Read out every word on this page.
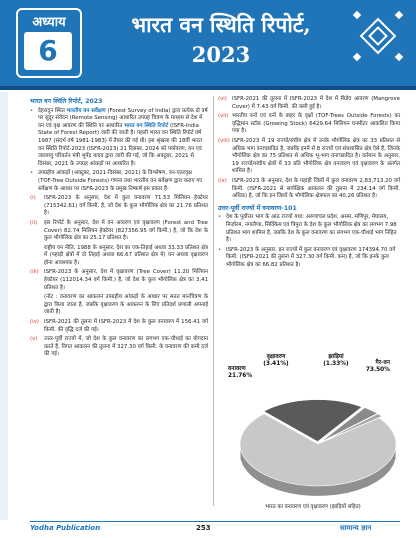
अध्याय
6
भारत वन स्थिति रिपोर्ट,
2023
भारत वन स्थिति रिपोर्ट, 2023
• देहरादून स्थित भारतीय वन सर्वेक्षण (Forest Survey of India) द्वारा प्रत्येक दो वर्ष पर सुदूर संवेदन (Remote Sensing) आधारित उपग्रह चित्रण के माध्यम से देश में वन एवं वृक्ष आवरण की स्थिति पर आधारित भारत वन स्थिति रिपोर्ट (ISFR-India State of Forest Report) जारी की जाती है। पहली भारत वन स्थिति रिपोर्ट वर्ष 1987 (संदर्भ वर्ष 1981-1983) में तैयार की गई थी। इस श्रृंखला की 18वीं भारत वन स्थिति रिपोर्ट-2023 (ISFR-2023) 21 दिसंबर, 2024 को पर्यावरण, वन एवं जलवायु परिवर्तन मंत्री भूपेंद्र यादव द्वारा जारी की गई, जो कि अक्टूबर, 2021 से दिसंबर, 2021 के उपग्रह आंकड़ों पर आधारित है।
• उपग्रहीय आंकड़ों (अक्टूबर, 2021-दिसंबर, 2021) के विश्लेषण, वन-एतरवृक्ष (TOF-Tree Outside Forests) गणना तथा भारतीय वन सर्वेक्षण द्वारा कराए गए सर्वेक्षण के आधार पर ISFR-2023 के प्रमुख निष्कर्ष इस प्रकार हैं-
(i) ISFR-2023 के अनुसार, देश में कुल वनावरण 71.53 मिलियन हेक्टेयर (715342.61) वर्ग किमी. है, जो देश के कुल भौगोलिक क्षेत्र का 21.76 प्रतिशत है।
(ii) इस रिपोर्ट के अनुसार, देश में वन आवरण एवं वृक्षावरण (Forest and Tree Cover) 82.74 मिलियन हेक्टेयर (827356.95 वर्ग किमी.) है, जो कि देश के कुल भौगोलिक क्षेत्र का 25.17 प्रतिशत है।
राष्ट्रीय वन नीति, 1988 के अनुसार, देश का एक-तिहाई अथवा 33.33 प्रतिशत क्षेत्र में (पहाड़ी क्षेत्रों में दो तिहाई अथवा 66.67 प्रतिशत क्षेत्र में) वन अथवा वृक्षावरण होना आवश्यक है।
(iii) ISFR-2023 के अनुसार, देश में वृक्षावरण (Tree Cover) 11.20 मिलियन हेक्टेयर (112014.34 वर्ग किमी.) है, जो देश के कुल भौगोलिक क्षेत्र का 3.41 प्रतिशत है।
(नोट : वनावरण का आकलन उपग्रहीय आंकड़ों के आधार पर सतत मानचित्रण के द्वारा किया जाता है, जबकि वृक्षावरण के आकलन के लिए प्रतिदर्श प्रणाली अपनाई जाती है)
(iv) ISFR-2021 की तुलना में ISFR-2023 में देश के कुल वनावरण में 156.41 वर्ग किमी. की वृद्धि दर्ज की गई।
(v) उत्तर-पूर्वी राज्यों में, जो देश के कुल वनावरण का लगभग एक-चौथाई का योगदान करते हैं, विगत आकलन की तुलना में 327.30 वर्ग किमी. के वनावरण की कमी दर्ज की गई।
(vi) ISFR-2021 की तुलना में ISFR-2023 में देश में मैंग्रोव आवरण (Mangrove Cover) में 7.43 वर्ग किमी. की कमी हुई है।
(vii) भारतीय वनों एवं वनों के बाहर के वृक्षों (TOF-Trees Outside Forests) का वृद्धिमान स्टॉक (Growing Stock) 6429.64 मिलियन घनमीटर आकलित किया गया है।
(viii) ISFR-2023 में 19 राज्यों/संघीय क्षेत्र में उनके भौगोलिक क्षेत्र का 33 प्रतिशत से अधिक भाग वनाच्छादित है, जबकि इनमें से 8 राज्यों एवं संघशासित क्षेत्र ऐसे हैं, जिनके भौगोलिक क्षेत्र का 75 प्रतिशत से अधिक भू-भाग वनाच्छादित है। वर्तमान के अनुसार, 19 राज्यों/संघीय क्षेत्रों में 33 प्रति भौगोलिक क्षेत्र वनावरण एवं वृक्षावरण के अंतर्गत शामिल है।
(ix) ISFR-2023 के अनुसार, देश के पहाड़ी जिलों में कुल वनावरण 2,83,713.20 वर्ग किमी. (ISFR-2021 से सापेक्षिक आकलन की तुलना में 234.14 वर्ग किमी. अधिक) है, जो कि इन जिलों के भौगोलिक क्षेत्रफल का 40.26 प्रतिशत है।
उत्तर-पूर्वी राज्यों में वनावरण-101
• देश के पूर्वोत्तर भाग के आठ राज्यों यथा: अरुणाचल प्रदेश, असम, मणिपुर, मेघालय, मिज़ोरम, नगालैण्ड, सिक्किम एवं त्रिपुरा के देश के कुल भौगोलिक क्षेत्र का लगभग 7.98 प्रतिशत भाग शामिल है, जबकि देश के कुल वनावरण का लगभग एक-चौथाई भाग निहित है।
• ISFR-2023 के अनुसार, इन राज्यों में कुल वनावरण एवं वृक्षावरण 174394.70 वर्ग किमी. (ISFR-2021 की तुलना में 327.30 वर्ग किमी. कम) है, जो कि इनके कुल भौगोलिक क्षेत्र का 66.82 प्रतिशत है।
गैर-वन
73.50%
वनावरण
21.76%
वृक्षावरण
(3.41%)
झाड़ियां
(1.33%)
भारत का वनावरण एवं वृक्षावरण (झाड़ियों सहित)
Yodha Publication	253	सामान्य ज्ञान
